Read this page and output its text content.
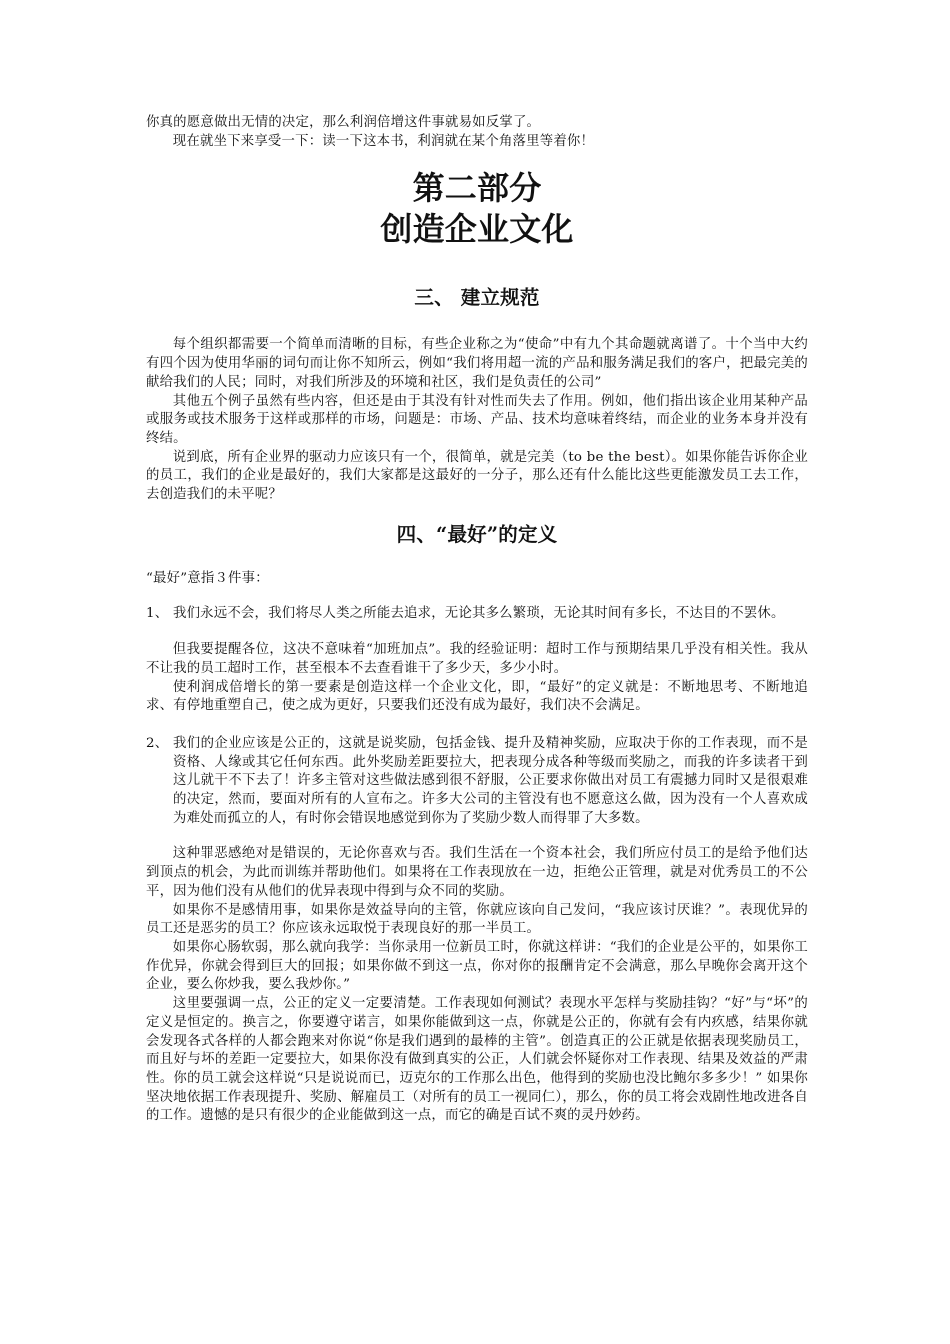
你真的愿意做出无情的决定，那么利润倍增这件事就易如反掌了。

现在就坐下来享受一下：读一下这本书，利润就在某个角落里等着你！

第二部分
创造企业文化
三、 建立规范

每个组织都需要一个简单而清晰的目标，有些企业称之为“使命”中有九个其命题就离谱了。十个当中大约有四个因为使用华丽的词句而让你不知所云，例如“我们将用超一流的产品和服务满足我们的客户，把最完美的献给我们的人民；同时，对我们所涉及的环境和社区，我们是负责任的公司”

其他五个例子虽然有些内容，但还是由于其没有针对性而失去了作用。例如，他们指出该企业用某种产品或服务或技术服务于这样或那样的市场，问题是：市场、产品、技术均意味着终结，而企业的业务本身并没有终结。

说到底，所有企业界的驱动力应该只有一个，很简单，就是完美（to be the best）。如果你能告诉你企业的员工，我们的企业是最好的，我们大家都是这最好的一分子，那么还有什么能比这些更能激发员工去工作，去创造我们的未平呢？

四、“最好”的定义

“最好”意指３件事：

1、 我们永远不会，我们将尽人类之所能去追求，无论其多么繁琐，无论其时间有多长，不达目的不罢休。

但我要提醒各位，这决不意味着“加班加点”。我的经验证明：超时工作与预期结果几乎没有相关性。我从不让我的员工超时工作，甚至根本不去查看谁干了多少天，多少小时。

使利润成倍增长的第一要素是创造这样一个企业文化，即，“最好”的定义就是：不断地思考、不断地追求、有停地重塑自己，使之成为更好，只要我们还没有成为最好，我们决不会满足。

2、 我们的企业应该是公正的，这就是说奖励，包括金钱、提升及精神奖励，应取决于你的工作表现，而不是资格、人缘或其它任何东西。此外奖励差距要拉大，把表现分成各种等级而奖励之，而我的许多读者干到这儿就干不下去了！许多主管对这些做法感到很不舒服，公正要求你做出对员工有震撼力同时又是很艰难的决定，然而，要面对所有的人宣布之。许多大公司的主管没有也不愿意这么做，因为没有一个人喜欢成为难处而孤立的人，有时你会错误地感觉到你为了奖励少数人而得罪了大多数。

这种罪恶感绝对是错误的，无论你喜欢与否。我们生活在一个资本社会，我们所应付员工的是给予他们达到顶点的机会，为此而训练并帮助他们。如果将在工作表现放在一边，拒绝公正管理，就是对优秀员工的不公平，因为他们没有从他们的优异表现中得到与众不同的奖励。

如果你不是感情用事，如果你是效益导向的主管，你就应该向自己发问，“我应该讨厌谁？”。表现优异的员工还是恶劣的员工？你应该永远取悦于表现良好的那一半员工。

如果你心肠软弱，那么就向我学：当你录用一位新员工时，你就这样讲：“我们的企业是公平的，如果你工作优异，你就会得到巨大的回报；如果你做不到这一点，你对你的报酬肯定不会满意，那么早晚你会离开这个企业，要么你炒我，要么我炒你。”

这里要强调一点，公正的定义一定要清楚。工作表现如何测试？表现水平怎样与奖励挂钩？“好”与“坏”的定义是恒定的。换言之，你要遵守诺言，如果你能做到这一点，你就是公正的，你就有会有内疚感，结果你就会发现各式各样的人都会跑来对你说“你是我们遇到的最棒的主管”。创造真正的公正就是依据表现奖励员工，而且好与坏的差距一定要拉大，如果你没有做到真实的公正，人们就会怀疑你对工作表现、结果及效益的严肃性。你的员工就会这样说“只是说说而已，迈克尔的工作那么出色，他得到的奖励也没比鲍尔多多少！” 如果你坚决地依据工作表现提升、奖励、解雇员工（对所有的员工一视同仁），那么，你的员工将会戏剧性地改进各自的工作。遗憾的是只有很少的企业能做到这一点，而它的确是百试不爽的灵丹妙药。
